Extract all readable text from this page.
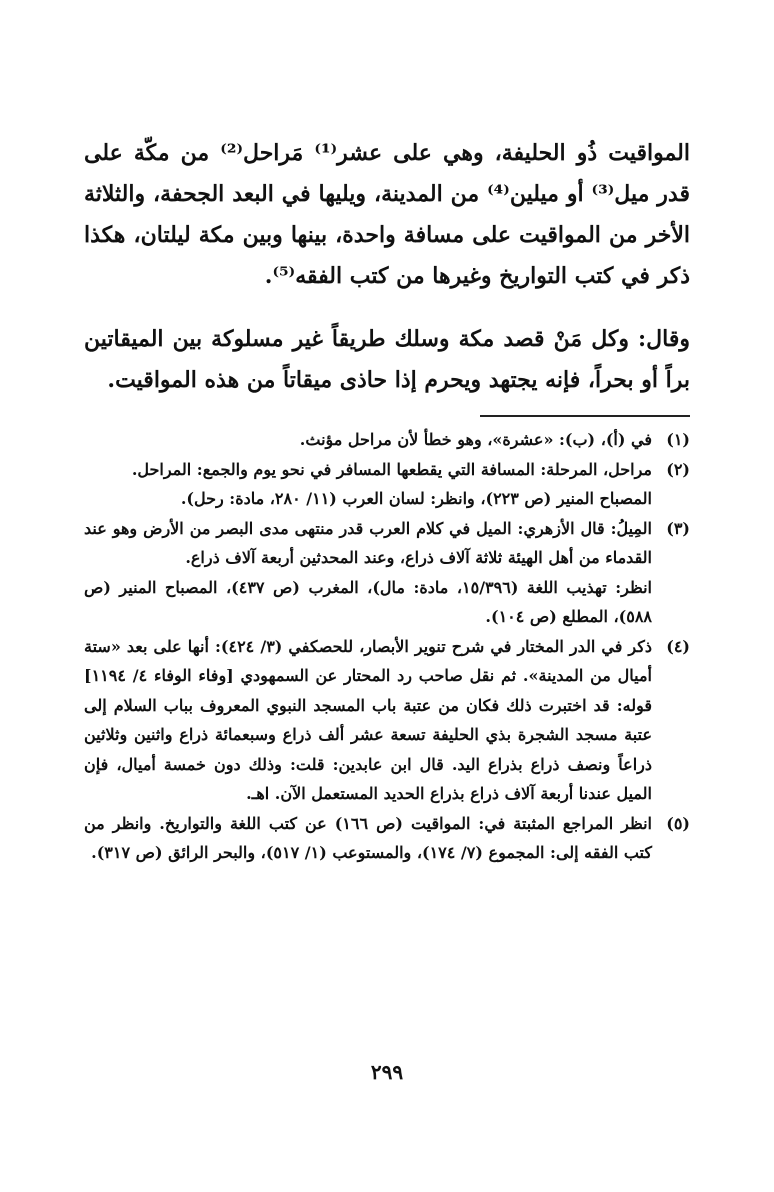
المواقيت ذُو الحليفة، وهي على عشر⁽¹⁾ مَراحل⁽²⁾ من مكّة على قدر ميل⁽³⁾ أو ميلين⁽⁴⁾ من المدينة، ويليها في البعد الجحفة، والثلاثة الأخر من المواقيت على مسافة واحدة، بينها وبين مكة ليلتان، هكذا ذكر في كتب التواريخ وغيرها من كتب الفقه⁽⁵⁾.

وقال: وكل مَنْ قصد مكة وسلك طريقاً غير مسلوكة بين الميقاتين براً أو بحراً، فإنه يجتهد ويحرم إذا حاذى ميقاتاً من هذه المواقيت.

(١)

في (أ)، (ب): «عشرة»، وهو خطأ لأن مراحل مؤنث.

(٢)

مراحل، المرحلة: المسافة التي يقطعها المسافر في نحو يوم والجمع: المراحل.

المصباح المنير (ص ٢٢٣)، وانظر: لسان العرب (١١/ ٢٨٠، مادة: رحل).

(٣)

المِيلُ: قال الأزهري: الميل في كلام العرب قدر منتهى مدى البصر من الأرض وهو عند القدماء من أهل الهيئة ثلاثة آلاف ذراع، وعند المحدثين أربعة آلاف ذراع.

انظر: تهذيب اللغة (١٥/٣٩٦، مادة: مال)، المغرب (ص ٤٣٧)، المصباح المنير (ص ٥٨٨)، المطلع (ص ١٠٤).

(٤)

ذكر في الدر المختار في شرح تنوير الأبصار، للحصكفي (٣/ ٤٢٤): أنها على بعد «ستة أميال من المدينة». ثم نقل صاحب رد المحتار عن السمهودي [وفاء الوفاء ٤/ ١١٩٤] قوله: قد اختبرت ذلك فكان من عتبة باب المسجد النبوي المعروف بباب السلام إلى عتبة مسجد الشجرة بذي الحليفة تسعة عشر ألف ذراع وسبعمائة ذراع واثنين وثلاثين ذراعاً ونصف ذراع بذراع اليد. قال ابن عابدين: قلت: وذلك دون خمسة أميال، فإن الميل عندنا أربعة آلاف ذراع بذراع الحديد المستعمل الآن. اهـ.

(٥)

انظر المراجع المثبتة في: المواقيت (ص ١٦٦) عن كتب اللغة والتواريخ. وانظر من كتب الفقه إلى: المجموع (٧/ ١٧٤)، والمستوعب (١/ ٥١٧)، والبحر الرائق (ص ٣١٧).

٢٩٩
